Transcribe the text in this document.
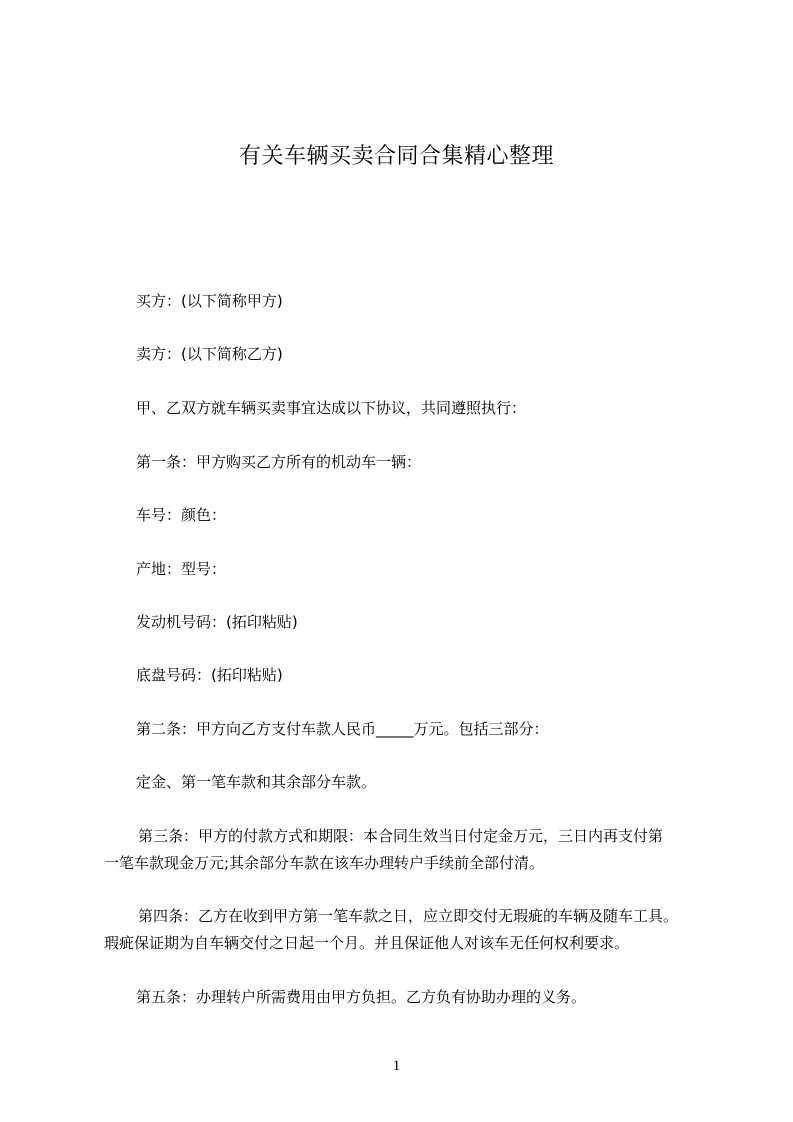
有关车辆买卖合同合集精心整理
买方：(以下简称甲方)
卖方：(以下简称乙方)
甲、乙双方就车辆买卖事宜达成以下协议，共同遵照执行：
第一条：甲方购买乙方所有的机动车一辆：
车号：颜色：
产地：型号：
发动机号码：(拓印粘贴)
底盘号码：(拓印粘贴)
第二条：甲方向乙方支付车款人民币_____万元。包括三部分：
定金、第一笔车款和其余部分车款。
第三条：甲方的付款方式和期限：本合同生效当日付定金万元，三日内再支付第
一笔车款现金万元;其余部分车款在该车办理转户手续前全部付清。
第四条：乙方在收到甲方第一笔车款之日，应立即交付无瑕疵的车辆及随车工具。
瑕疵保证期为自车辆交付之日起一个月。并且保证他人对该车无任何权利要求。
第五条：办理转户所需费用由甲方负担。乙方负有协助办理的义务。
1
